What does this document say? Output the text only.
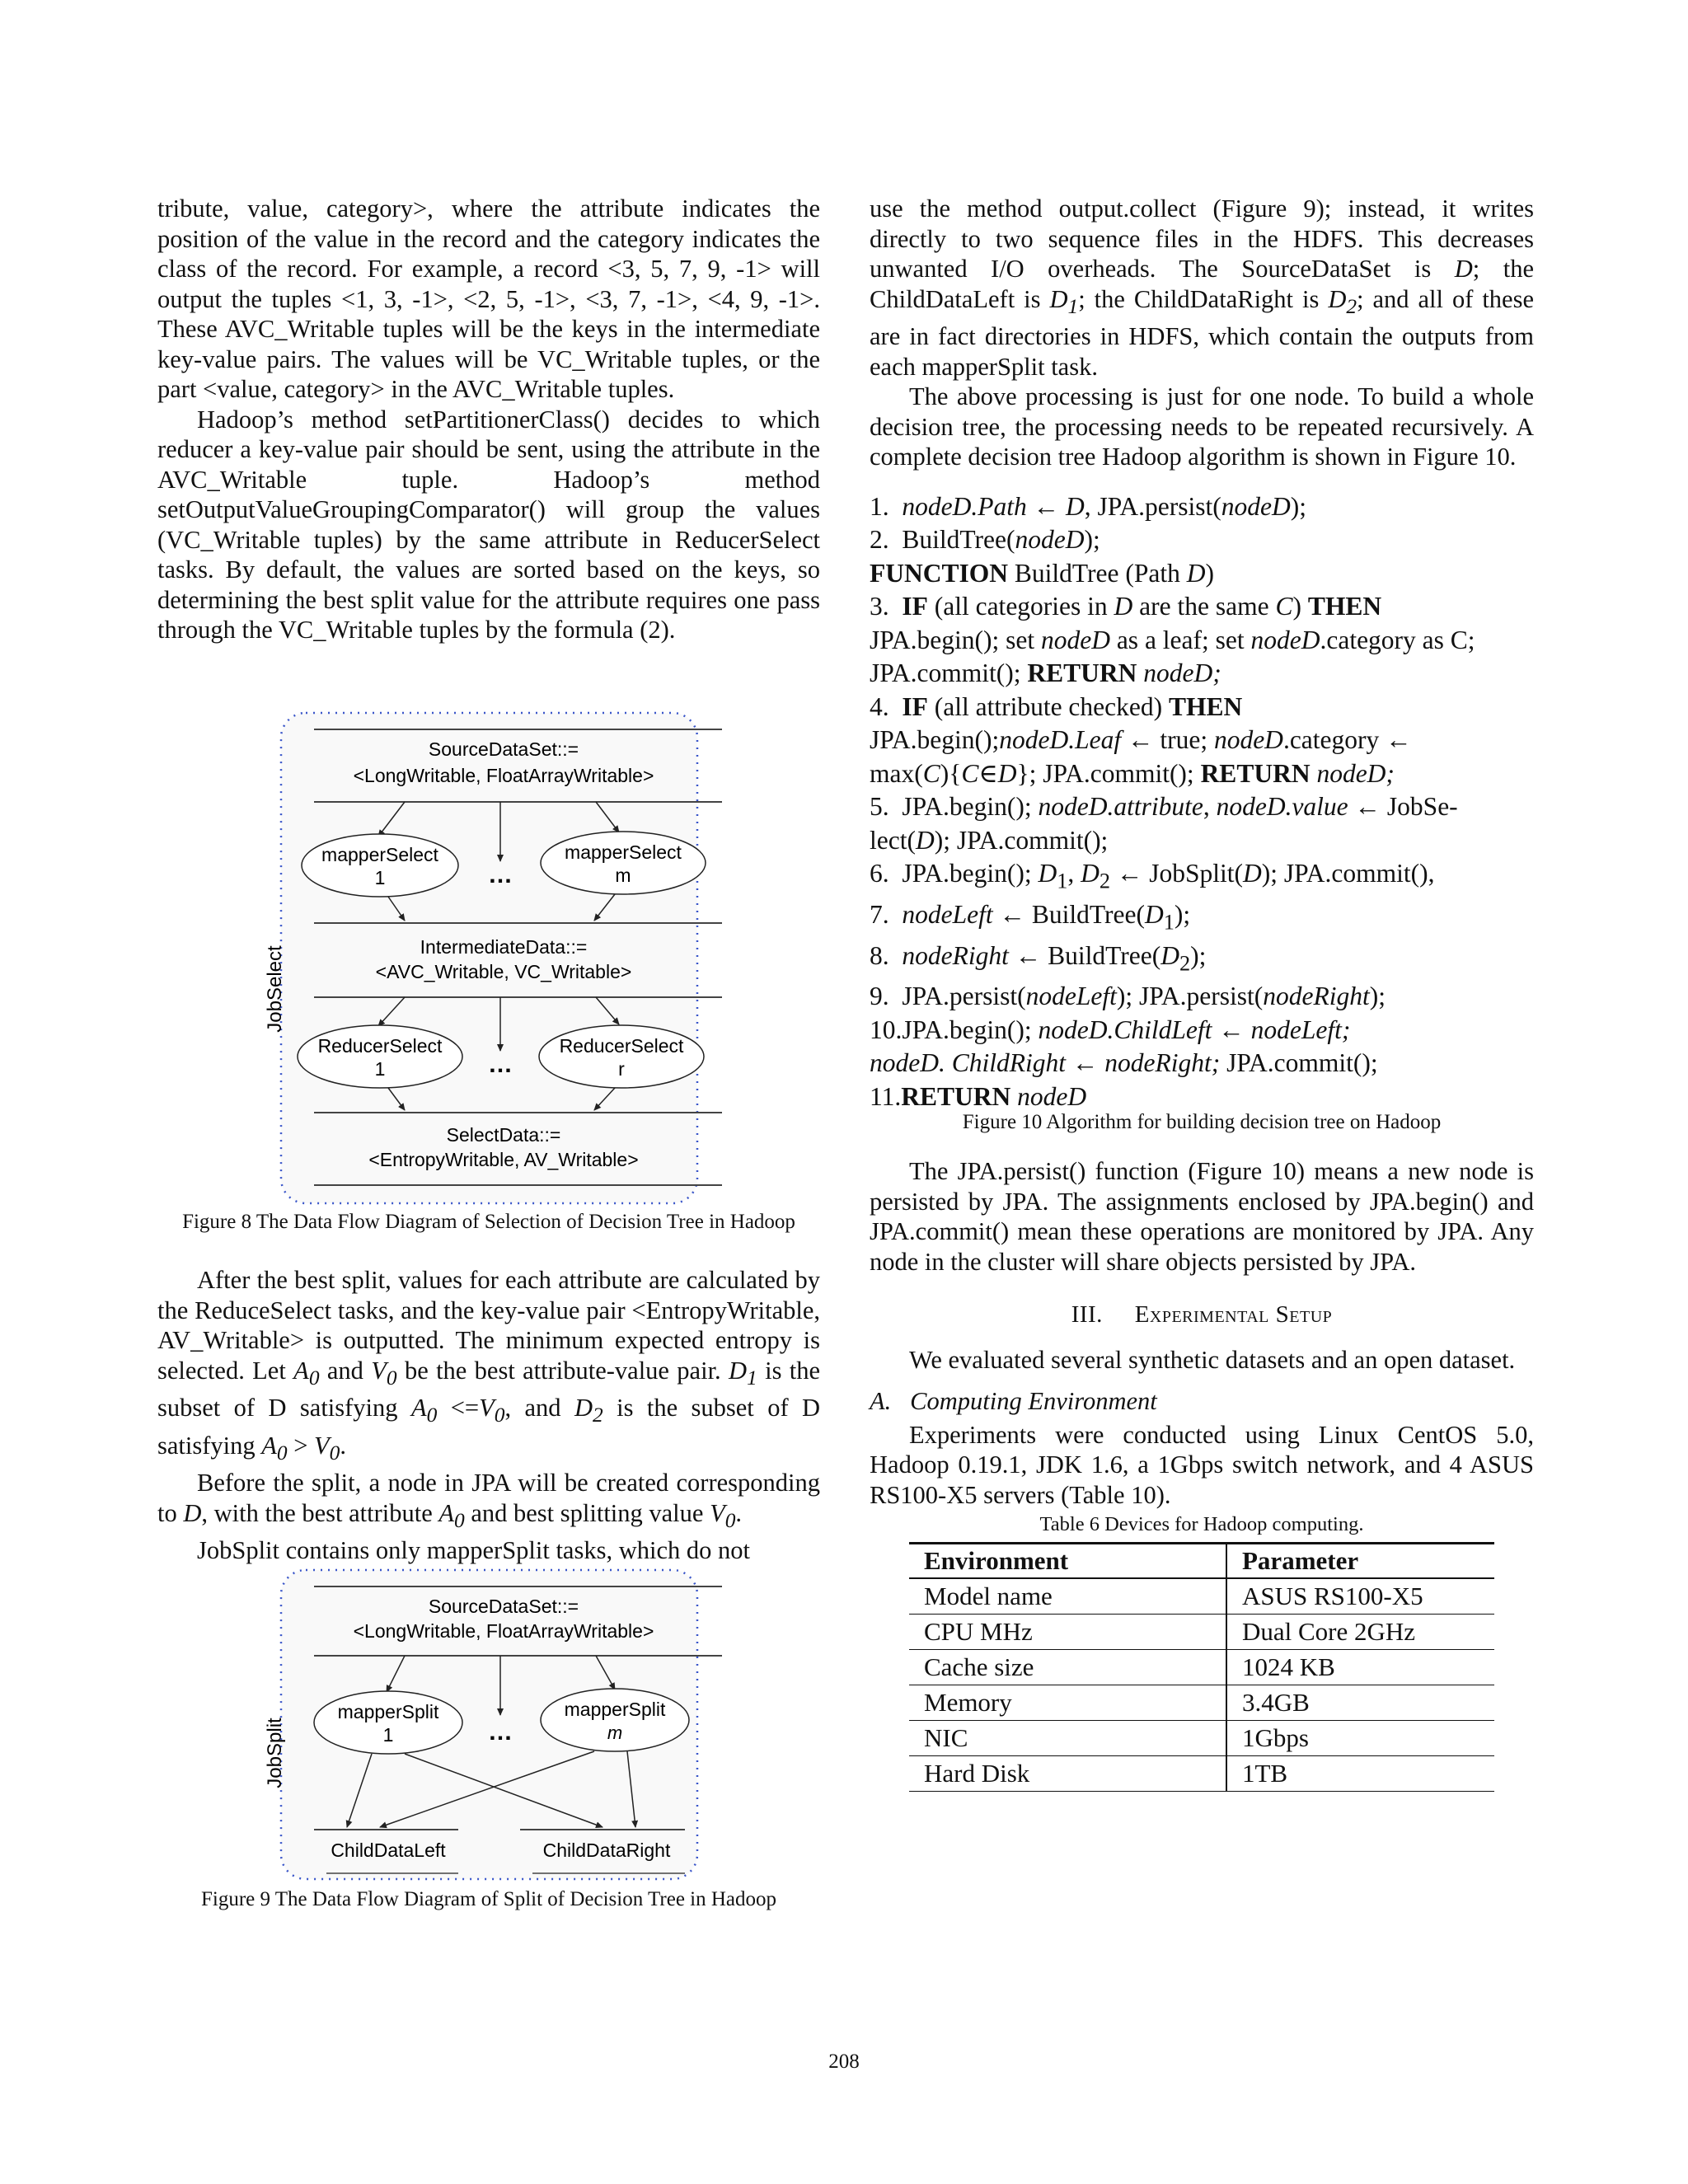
tribute, value, category>, where the attribute indicates the position of the value in the record and the category indicates the class of the record. For example, a record <3, 5, 7, 9, -1> will output the tuples <1, 3, -1>, <2, 5, -1>, <3, 7, -1>, <4, 9, -1>. These AVC_Writable tuples will be the keys in the intermediate key-value pairs. The values will be VC_Writable tuples, or the part <value, category> in the AVC_Writable tuples.

Hadoop’s method setPartitionerClass() decides to which reducer a key-value pair should be sent, using the attribute in the AVC_Writable tuple. Hadoop’s method setOutputValueGroupingComparator() will group the values (VC_Writable tuples) by the same attribute in ReducerSelect tasks. By default, the values are sorted based on the keys, so determining the best split value for the attribute requires one pass through the VC_Writable tuples by the formula (2).

SourceDataSet::=
<LongWritable, FloatArrayWritable>
mapperSelect
1	…
mapperSelect
m
IntermediateData::=
<AVC_Writable, VC_Writable>
ReducerSelect
1	…
ReducerSelect
r
SelectData::=
<EntropyWritable, AV_Writable>
JobSelect
Figure 8 The Data Flow Diagram of Selection of Decision Tree in Hadoop

After the best split, values for each attribute are calculated by the ReduceSelect tasks, and the key-value pair <EntropyWritable, AV_Writable> is outputted. The minimum expected entropy is selected. Let $A_0$ and $V_0$ be the best attribute-value pair. $D_1$ is the subset of D satisfying $A_0 <=V_0$, and $D_2$ is the subset of D satisfying $A_0 > V_0$.

Before the split, a node in JPA will be created corresponding to D, with the best attribute $A_0$ and best splitting value $V_0$.

JobSplit contains only mapperSplit tasks, which do not

SourceDataSet::=
<LongWritable, FloatArrayWritable>
mapperSplit
1	…
mapperSplit
m
ChildDataLeft	ChildDataRight
JobSplit
Figure 9 The Data Flow Diagram of Split of Decision Tree in Hadoop

use the method output.collect (Figure 9); instead, it writes directly to two sequence files in the HDFS. This decreases unwanted I/O overheads. The SourceDataSet is D; the ChildDataLeft is $D_1$; the ChildDataRight is $D_2$; and all of these are in fact directories in HDFS, which contain the outputs from each mapperSplit task.

The above processing is just for one node. To build a whole decision tree, the processing needs to be repeated recursively. A complete decision tree Hadoop algorithm is shown in Figure 10.

1.  nodeD.Path ← D, JPA.persist(nodeD);
2.  BuildTree(nodeD);
FUNCTION BuildTree (Path D)
3.  IF (all categories in D are the same C) THEN
JPA.begin(); set nodeD as a leaf; set nodeD.category as C;
JPA.commit(); RETURN nodeD;
4.  IF (all attribute checked) THEN
JPA.begin();nodeD.Leaf ← true; nodeD.category ←
max(C){C∈D}; JPA.commit(); RETURN nodeD;
5.  JPA.begin(); nodeD.attribute, nodeD.value ← JobSe-
lect(D); JPA.commit();
6.  JPA.begin(); $D_1$, $D_2$ ← JobSplit(D); JPA.commit(),
7.  nodeLeft ← $BuildTree(D_1)$;
8.  nodeRight ← $BuildTree(D_2)$;
9.  JPA.persist(nodeLeft); JPA.persist(nodeRight);
10.JPA.begin(); nodeD.ChildLeft ← nodeLeft;
nodeD. ChildRight ← nodeRight; JPA.commit();
11.RETURN nodeD
Figure 10 Algorithm for building decision tree on Hadoop

The JPA.persist() function (Figure 10) means a new node is persisted by JPA. The assignments enclosed by JPA.begin() and JPA.commit() mean these operations are monitored by JPA. Any node in the cluster will share objects persisted by JPA.

III. Experimental Setup

We evaluated several synthetic datasets and an open dataset.

A. Computing Environment

Experiments were conducted using Linux CentOS 5.0, Hadoop 0.19.1, JDK 1.6, a 1Gbps switch network, and 4 ASUS RS100-X5 servers (Table 10).

Table 6 Devices for Hadoop computing.
Environment	Parameter
Model name	ASUS RS100-X5
CPU MHz	Dual Core 2GHz
Cache size	1024 KB
Memory	3.4GB
NIC	1Gbps
Hard Disk	1TB
208
